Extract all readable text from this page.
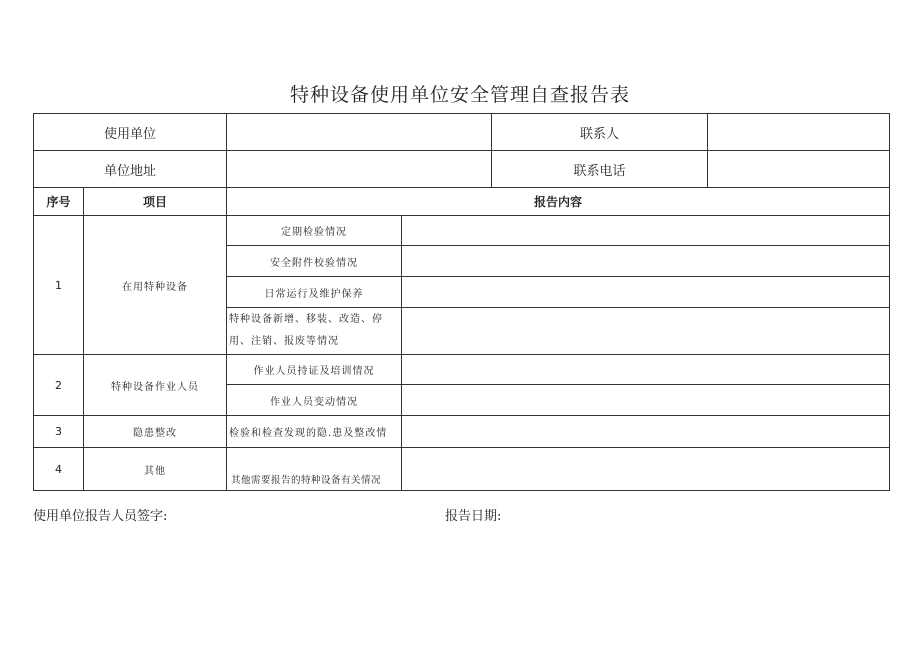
特种设备使用单位安全管理自查报告表
使用单位				联系人	
单位地址				联系电话	
序号	项目	报告内容			
1	在用特种设备	定期检验情况			
		安全附件校验情况			
		日常运行及维护保养			
		特种设备新增、移装、改造、停用、注销、报废等情况			
2	特种设备作业人员	作业人员持证及培训情况			
		作业人员变动情况			
3	隐患整改	检验和检查发现的隐.患及整改情			
4	其他	其他需要报告的特种设备有关情况			
使用单位报告人员签字:	报告日期:
